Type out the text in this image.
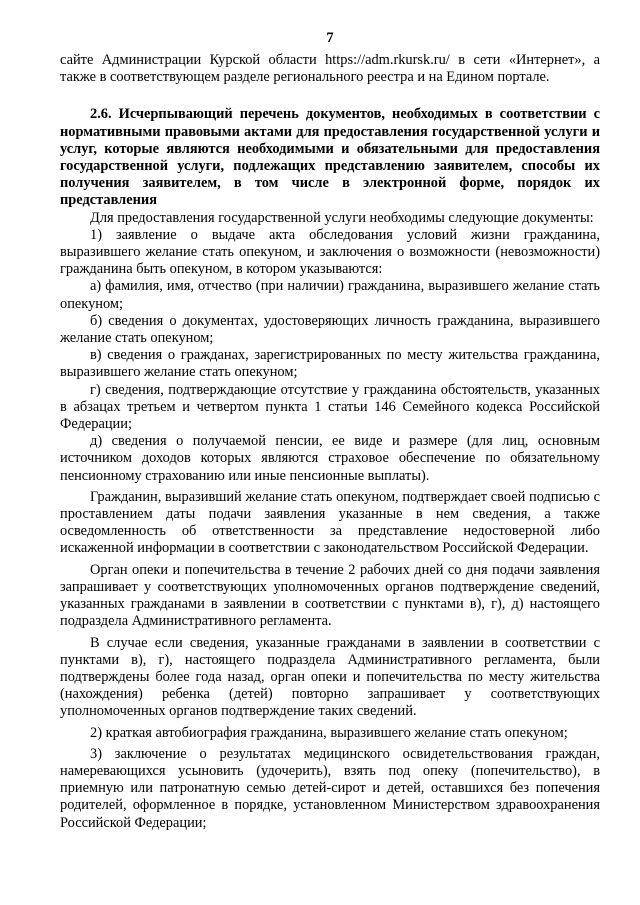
7

сайте Администрации Курской области https://adm.rkursk.ru/ в сети «Интернет», а также в соответствующем разделе регионального реестра и на Едином портале.

2.6. Исчерпывающий перечень документов, необходимых в соответствии с нормативными правовыми актами для предоставления государственной услуги и услуг, которые являются необходимыми и обязательными для предоставления государственной услуги, подлежащих представлению заявителем, способы их получения заявителем, в том числе в электронной форме, порядок их представления

Для предоставления государственной услуги необходимы следующие документы:

1) заявление о выдаче акта обследования условий жизни гражданина, выразившего желание стать опекуном, и заключения о возможности (невозможности) гражданина быть опекуном, в котором указываются:

а) фамилия, имя, отчество (при наличии) гражданина, выразившего желание стать опекуном;

б) сведения о документах, удостоверяющих личность гражданина, выразившего желание стать опекуном;

в) сведения о гражданах, зарегистрированных по месту жительства гражданина, выразившего желание стать опекуном;

г) сведения, подтверждающие отсутствие у гражданина обстоятельств, указанных в абзацах третьем и четвертом пункта 1 статьи 146 Семейного кодекса Российской Федерации;

д) сведения о получаемой пенсии, ее виде и размере (для лиц, основным источником доходов которых являются страховое обеспечение по обязательному пенсионному страхованию или иные пенсионные выплаты).

Гражданин, выразивший желание стать опекуном, подтверждает своей подписью с проставлением даты подачи заявления указанные в нем сведения, а также осведомленность об ответственности за представление недостоверной либо искаженной информации в соответствии с законодательством Российской Федерации.

Орган опеки и попечительства в течение 2 рабочих дней со дня подачи заявления запрашивает у соответствующих уполномоченных органов подтверждение сведений, указанных гражданами в заявлении в соответствии с пунктами в), г), д) настоящего подраздела Административного регламента.

В случае если сведения, указанные гражданами в заявлении в соответствии с пунктами в), г), настоящего подраздела Административного регламента, были подтверждены более года назад, орган опеки и попечительства по месту жительства (нахождения) ребенка (детей) повторно запрашивает у соответствующих уполномоченных органов подтверждение таких сведений.

2) краткая автобиография гражданина, выразившего желание стать опекуном;

3) заключение о результатах медицинского освидетельствования граждан, намеревающихся усыновить (удочерить), взять под опеку (попечительство), в приемную или патронатную семью детей-сирот и детей, оставшихся без попечения родителей, оформленное в порядке, установленном Министерством здравоохранения Российской Федерации;
